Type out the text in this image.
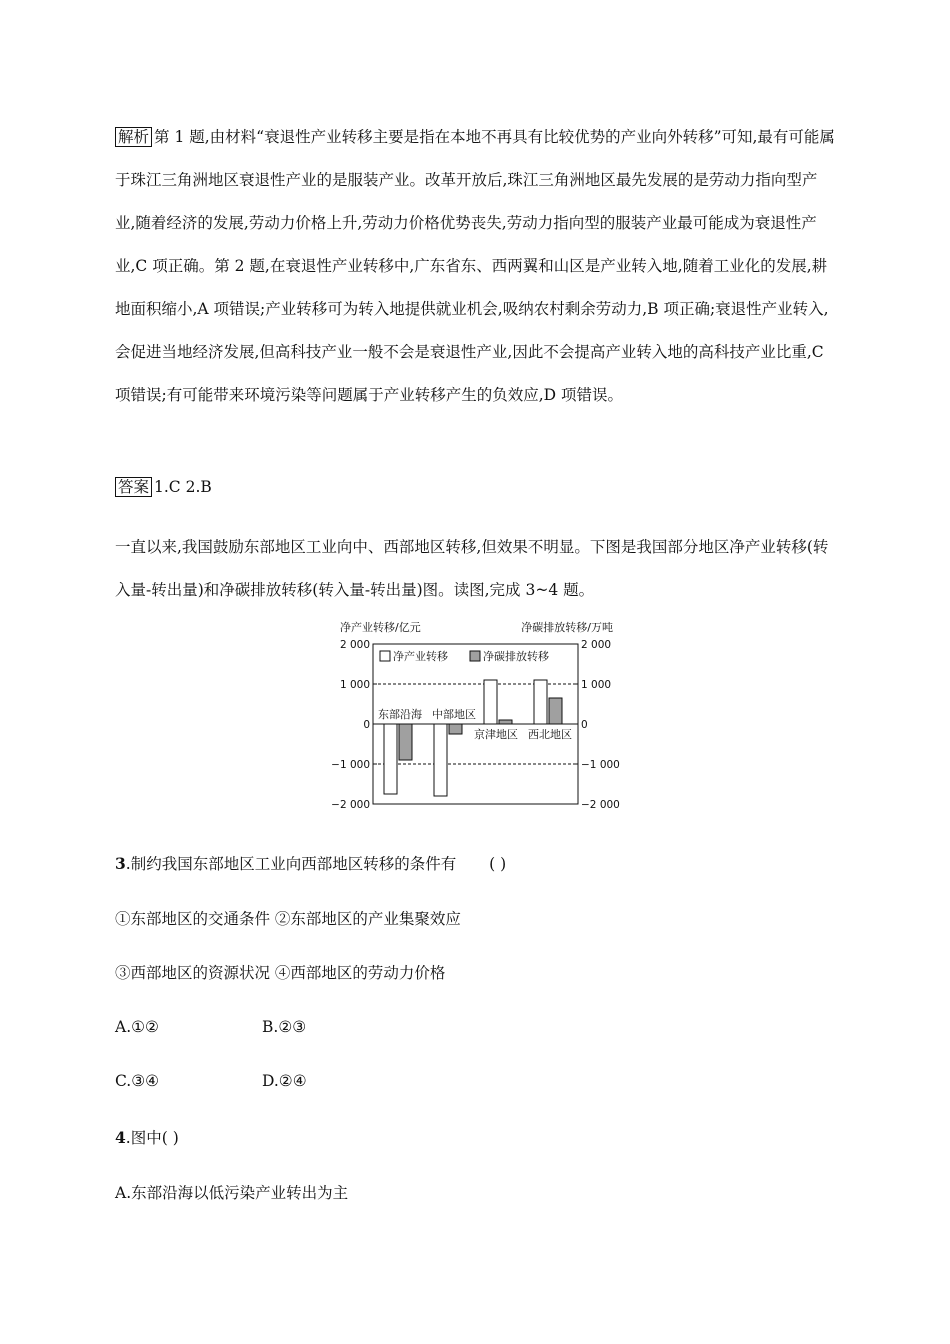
解析 第 1 题,由材料“衰退性产业转移主要是指在本地不再具有比较优势的产业向外转移”可知,最有可能属于珠江三角洲地区衰退性产业的是服装产业。改革开放后,珠江三角洲地区最先发展的是劳动力指向型产业,随着经济的发展,劳动力价格上升,劳动力价格优势丧失,劳动力指向型的服装产业最可能成为衰退性产业,C 项正确。第 2 题,在衰退性产业转移中,广东省东、西两翼和山区是产业转入地,随着工业化的发展,耕地面积缩小,A 项错误;产业转移可为转入地提供就业机会,吸纳农村剩余劳动力,B 项正确;衰退性产业转入,会促进当地经济发展,但高科技产业一般不会是衰退性产业,因此不会提高产业转入地的高科技产业比重,C 项错误;有可能带来环境污染等问题属于产业转移产生的负效应,D 项错误。
答案 1.C 2.B
一直以来,我国鼓励东部地区工业向中、西部地区转移,但效果不明显。下图是我国部分地区净产业转移(转入量-转出量)和净碳排放转移(转入量-转出量)图。读图,完成 3~4 题。
净产业转移/亿元	净碳排放转移/万吨
2 000	2 000
1 000	1 000
0	0
−1 000	−1 000
−2 000	−2 000
东部沿海 中部地区
京津地区 西北地区
净产业转移	净碳排放转移
3.制约我国东部地区工业向西部地区转移的条件有 ( )
①东部地区的交通条件 ②东部地区的产业集聚效应
③西部地区的资源状况 ④西部地区的劳动力价格
A.①②	B.②③
C.③④	D.②④
4.图中( )
A.东部沿海以低污染产业转出为主
